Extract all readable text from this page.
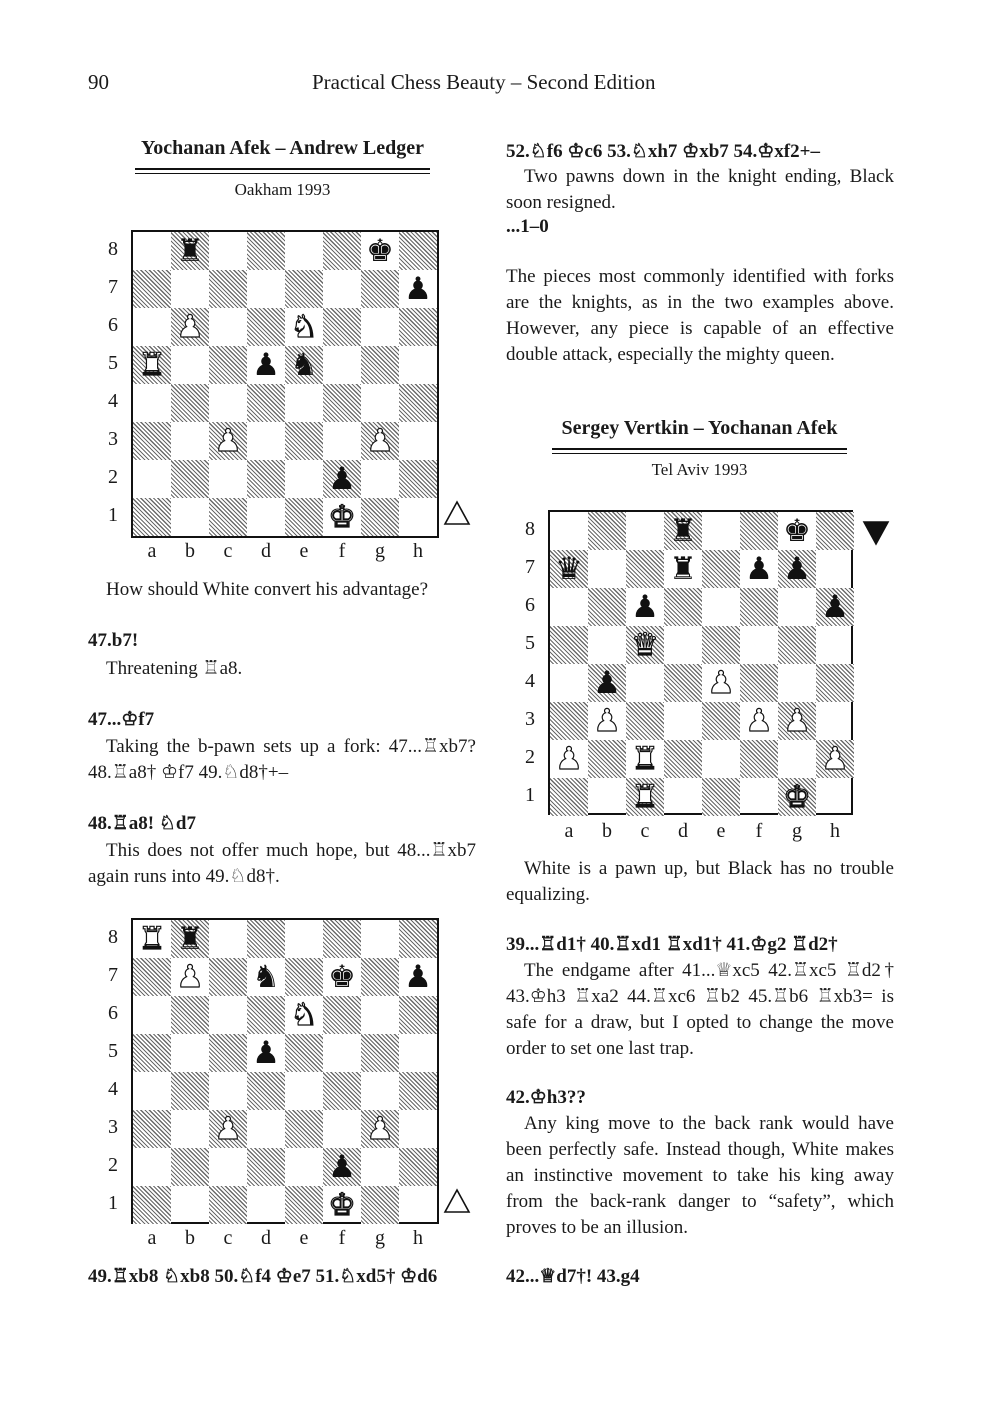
90	Practical Chess Beauty – Second Edition
Yochanan Afek – Andrew Ledger
Oakham 1993
♜	♚
♟
♟	♞
♜	♟ ♞
♟	♟
♟
♚
How should White convert his advantage?
47.b7!
Threatening ♖a8.
47...♔f7
Taking the b-pawn sets up a fork: 47...♖xb7? 48.♖a8† ♔f7 49.♘d8†+–
48.♖a8! ♘d7
This does not offer much hope, but 48...♖xb7 again runs into 49.♘d8†.
♜ ♜
♟ ♞ ♚ ♟
♞
♟
♟	♟
♟
♚
49.♖xb8 ♘xb8 50.♘f4 ♔e7 51.♘xd5† ♔d6
52.♘f6 ♔c6 53.♘xh7 ♔xb7 54.♔xf2+–
Two pawns down in the knight ending, Black soon resigned.
...1–0
The pieces most commonly identified with forks are the knights, as in the two examples above. However, any piece is capable of an effective double attack, especially the mighty queen.
Sergey Vertkin – Yochanan Afek
Tel Aviv 1993
♜	♚
♛	♜ ♟ ♟
♟	♟
♛
♟	♟
♟	♟ ♟
♟ ♜	♟
♜	♚
White is a pawn up, but Black has no trouble equalizing.
39...♖d1† 40.♖xd1 ♖xd1† 41.♔g2 ♖d2†
The endgame after 41...♕xc5 42.♖xc5 ♖d2† 43.♔h3 ♖xa2 44.♖xc6 ♖b2 45.♖b6 ♖xb3= is safe for a draw, but I opted to change the move order to set one last trap.
42.♔h3??
Any king move to the back rank would have been perfectly safe. Instead though, White makes an instinctive movement to take his king away from the back-rank danger to “safety”, which proves to be an illusion.
42...♕d7†! 43.g4
8
7
6
5
4
3
2
1
a	b	c	d	e	f	g	h
8
7
6
5
4
3
2
1
a	b	c	d	e	f	g	h
8
7
6
5
4
3
2
1
a	b	c	d	e	f	g	h
